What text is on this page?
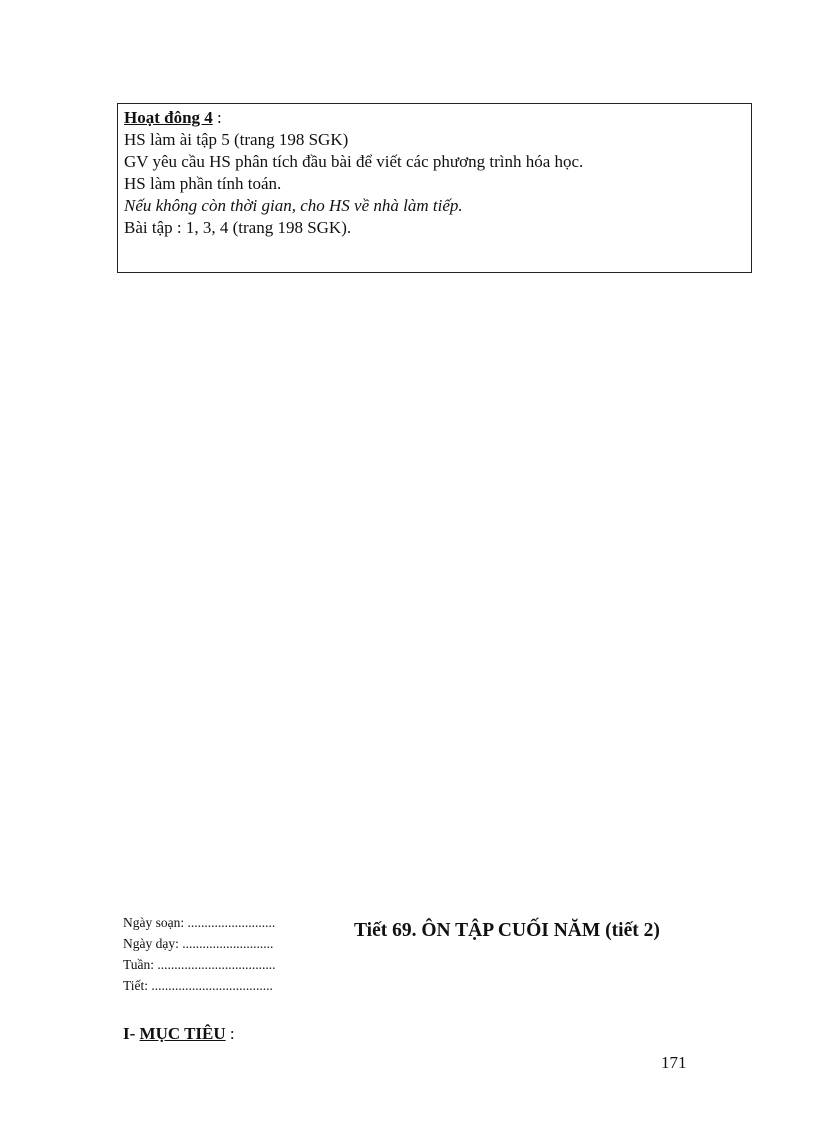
Hoạt đông 4 :
HS làm ài tập 5 (trang 198 SGK)
GV yêu cầu HS phân tích đầu bài để viết các phương trình hóa học.
HS làm phần tính toán.
Nếu không còn thời gian, cho HS về nhà làm tiếp.
Bài tập : 1, 3, 4 (trang 198 SGK).
Ngày soạn: ..........................
Ngày dạy: ...........................
Tuần: ...................................
Tiết: ....................................
Tiết 69. ÔN TẬP CUỐI NĂM (tiết 2)
I- MỤC TIÊU :
171
